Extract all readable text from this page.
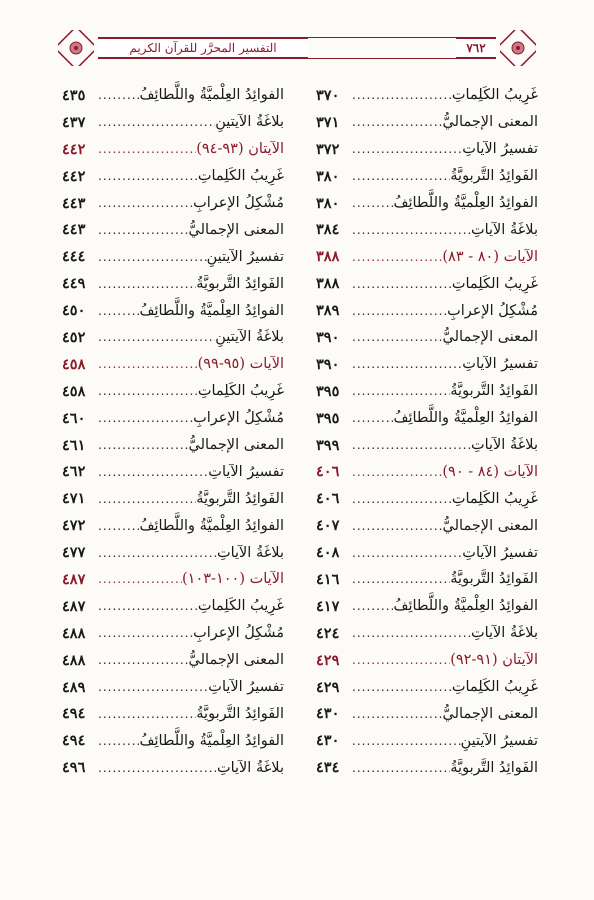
التفسير المحرَّر للقرآن الكريم	٧٦٢
غَرِيبُ الكَلِماتِ
.....
٣٧٠
المعنى الإجماليُّ
.....
٣٧١
تفسيرُ الآياتِ
.....
٣٧٢
الفَوائِدُ التَّربويَّةُ
.....
٣٨٠
الفوائِدُ العِلْميَّةُ واللَّطائِفُ
.....
٣٨٠
بلاغَةُ الآياتِ
.....
٣٨٤
الآيات (٨٠ - ٨٣)
.....
٣٨٨
غَرِيبُ الكَلِماتِ
.....
٣٨٨
مُشْكِلُ الإعرابِ
.....
٣٨٩
المعنى الإجماليُّ
.....
٣٩٠
تفسيرُ الآياتِ
.....
٣٩٠
الفَوائِدُ التَّربويَّةُ
.....
٣٩٥
الفوائِدُ العِلْميَّةُ واللَّطائِفُ
.....
٣٩٥
بلاغَةُ الآياتِ
.....
٣٩٩
الآيات (٨٤ - ٩٠)
.....
٤٠٦
غَرِيبُ الكَلِماتِ
.....
٤٠٦
المعنى الإجماليُّ
.....
٤٠٧
تفسيرُ الآياتِ
.....
٤٠٨
الفَوائِدُ التَّربويَّةُ
.....
٤١٦
الفوائِدُ العِلْميَّةُ واللَّطائِفُ
.....
٤١٧
بلاغَةُ الآياتِ
.....
٤٢٤
الآيتان (٩١-٩٢)
.....
٤٢٩
غَرِيبُ الكَلِماتِ
.....
٤٢٩
المعنى الإجماليُّ
.....
٤٣٠
تفسيرُ الآيتينِ
.....
٤٣٠
الفَوائِدُ التَّربويَّةُ
.....
٤٣٤
الفوائِدُ العِلْميَّةُ واللَّطائِفُ
.....
٤٣٥
بلاغَةُ الآيتينِ
.....
٤٣٧
الآيتان (٩٣-٩٤)
.....
٤٤٢
غَرِيبُ الكَلِماتِ
.....
٤٤٢
مُشْكِلُ الإعرابِ
.....
٤٤٣
المعنى الإجماليُّ
.....
٤٤٣
تفسيرُ الآيتينِ
.....
٤٤٤
الفَوائِدُ التَّربويَّةُ
.....
٤٤٩
الفوائِدُ العِلْميَّةُ واللَّطائِفُ
.....
٤٥٠
بلاغَةُ الآيتينِ
.....
٤٥٢
الآيات (٩٥-٩٩)
.....
٤٥٨
غَرِيبُ الكَلِماتِ
.....
٤٥٨
مُشْكِلُ الإعرابِ
.....
٤٦٠
المعنى الإجماليُّ
.....
٤٦١
تفسيرُ الآياتِ
.....
٤٦٢
الفَوائِدُ التَّربويَّةُ
.....
٤٧١
الفوائِدُ العِلْميَّةُ واللَّطائِفُ
.....
٤٧٢
بلاغَةُ الآياتِ
.....
٤٧٧
الآيات (١٠٠-١٠٣)
.....
٤٨٧
غَرِيبُ الكَلِماتِ
.....
٤٨٧
مُشْكِلُ الإعرابِ
.....
٤٨٨
المعنى الإجماليُّ
.....
٤٨٨
تفسيرُ الآياتِ
.....
٤٨٩
الفَوائِدُ التَّربويَّةُ
.....
٤٩٤
الفوائِدُ العِلْميَّةُ واللَّطائِفُ
.....
٤٩٤
بلاغَةُ الآياتِ
.....
٤٩٦
